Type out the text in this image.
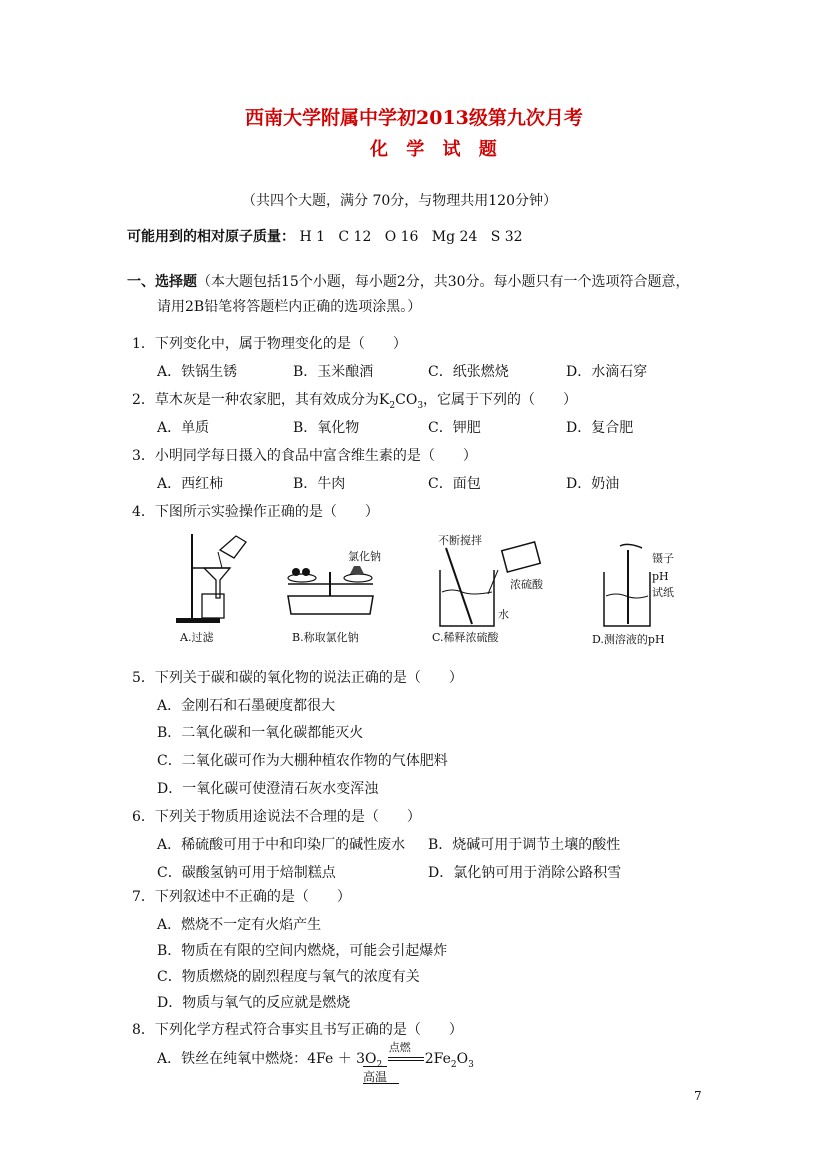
西南大学附属中学初2013级第九次月考
化 学 试 题
（共四个大题，满分 70分，与物理共用120分钟）
可能用到的相对原子质量： H 1   C 12   O 16   Mg 24   S 32
一、选择题（本大题包括15个小题，每小题2分，共30分。每小题只有一个选项符合题意，
请用2B铅笔将答题栏内正确的选项涂黑。）
1．下列变化中，属于物理变化的是（　　）
A．铁锅生锈	B．玉米酿酒	C．纸张燃烧	D．水滴石穿
2．草木灰是一种农家肥，其有效成分为$K_2CO_3$，它属于下列的（　　）
A．单质	B．氧化物	C．钾肥	D．复合肥
3．小明同学每日摄入的食品中富含维生素的是（　　）
A．西红柿	B．牛肉	C．面包	D．奶油
4．下图所示实验操作正确的是（　　）
A.过滤
氯化钠
B.称取氯化钠
不断搅拌
浓硫酸
水
C.稀释浓硫酸
镊子
pH
试纸
D.测溶液的pH
5．下列关于碳和碳的氧化物的说法正确的是（　　）
A．金刚石和石墨硬度都很大
B．二氧化碳和一氧化碳都能灭火
C．二氧化碳可作为大棚种植农作物的气体肥料
D．一氧化碳可使澄清石灰水变浑浊
6．下列关于物质用途说法不合理的是（　　）
A．稀硫酸可用于中和印染厂的碱性废水 B．烧碱可用于调节土壤的酸性
C．碳酸氢钠可用于焙制糕点	D．氯化钠可用于消除公路积雪
7．下列叙述中不正确的是（　　）
A．燃烧不一定有火焰产生
B．物质在有限的空间内燃烧，可能会引起爆炸
C．物质燃烧的剧烈程度与氧气的浓度有关
D．物质与氧气的反应就是燃烧
8．下列化学方程式符合事实且书写正确的是（　　）
A．铁丝在纯氧中燃烧：$4Fe + 3O_2$
点燃
$2Fe_2O_3$
高温
7
